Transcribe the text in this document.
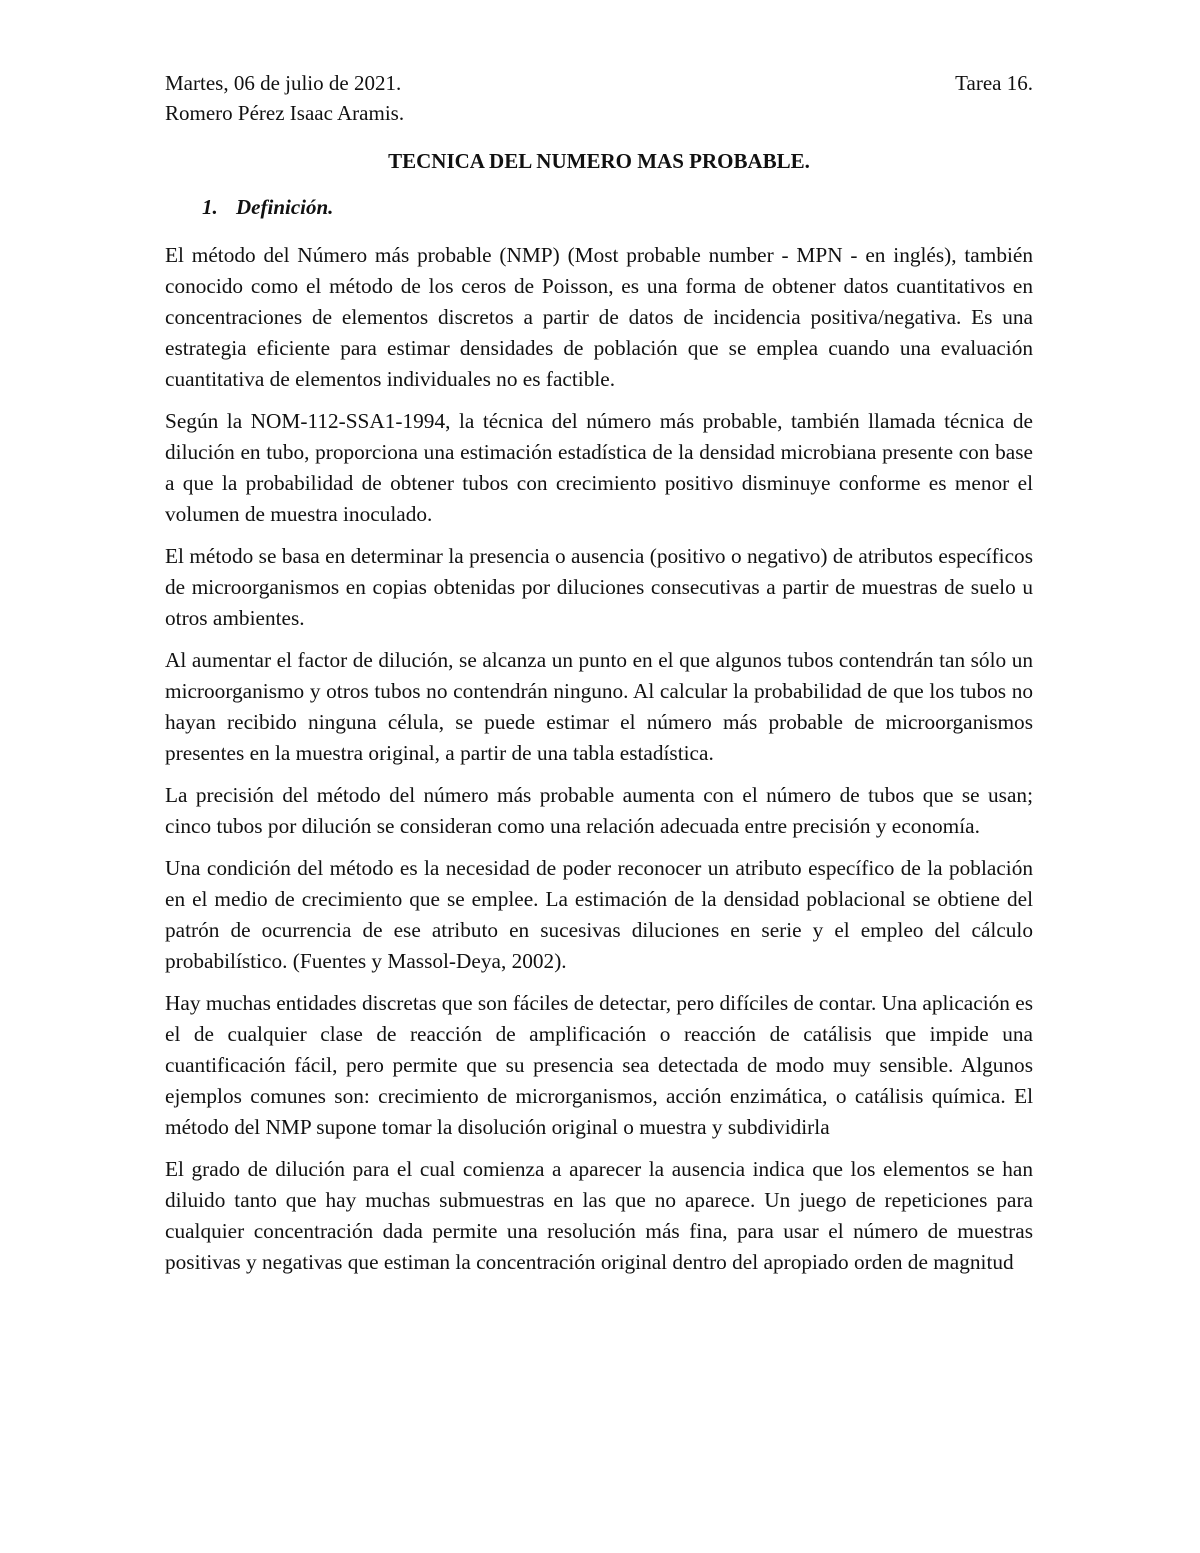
Martes, 06 de julio de 2021.	Tarea 16.
Romero Pérez Isaac Aramis.
TECNICA DEL NUMERO MAS PROBABLE.
1. Definición.

El método del Número más probable (NMP) (Most probable number - MPN - en inglés), también conocido como el método de los ceros de Poisson, es una forma de obtener datos cuantitativos en concentraciones de elementos discretos a partir de datos de incidencia positiva/negativa. Es una estrategia eficiente para estimar densidades de población que se emplea cuando una evaluación cuantitativa de elementos individuales no es factible.

Según la NOM-112-SSA1-1994, la técnica del número más probable, también llamada técnica de dilución en tubo, proporciona una estimación estadística de la densidad microbiana presente con base a que la probabilidad de obtener tubos con crecimiento positivo disminuye conforme es menor el volumen de muestra inoculado.

El método se basa en determinar la presencia o ausencia (positivo o negativo) de atributos específicos de microorganismos en copias obtenidas por diluciones consecutivas a partir de muestras de suelo u otros ambientes.

Al aumentar el factor de dilución, se alcanza un punto en el que algunos tubos contendrán tan sólo un microorganismo y otros tubos no contendrán ninguno. Al calcular la probabilidad de que los tubos no hayan recibido ninguna célula, se puede estimar el número más probable de microorganismos presentes en la muestra original, a partir de una tabla estadística.

La precisión del método del número más probable aumenta con el número de tubos que se usan; cinco tubos por dilución se consideran como una relación adecuada entre precisión y economía.

Una condición del método es la necesidad de poder reconocer un atributo específico de la población en el medio de crecimiento que se emplee. La estimación de la densidad poblacional se obtiene del patrón de ocurrencia de ese atributo en sucesivas diluciones en serie y el empleo del cálculo probabilístico. (Fuentes y Massol-Deya, 2002).

Hay muchas entidades discretas que son fáciles de detectar, pero difíciles de contar. Una aplicación es el de cualquier clase de reacción de amplificación o reacción de catálisis que impide una cuantificación fácil, pero permite que su presencia sea detectada de modo muy sensible. Algunos ejemplos comunes son: crecimiento de microrganismos, acción enzimática, o catálisis química. El método del NMP supone tomar la disolución original o muestra y subdividirla

El grado de dilución para el cual comienza a aparecer la ausencia indica que los elementos se han diluido tanto que hay muchas submuestras en las que no aparece. Un juego de repeticiones para cualquier concentración dada permite una resolución más fina, para usar el número de muestras positivas y negativas que estiman la concentración original dentro del apropiado orden de magnitud
